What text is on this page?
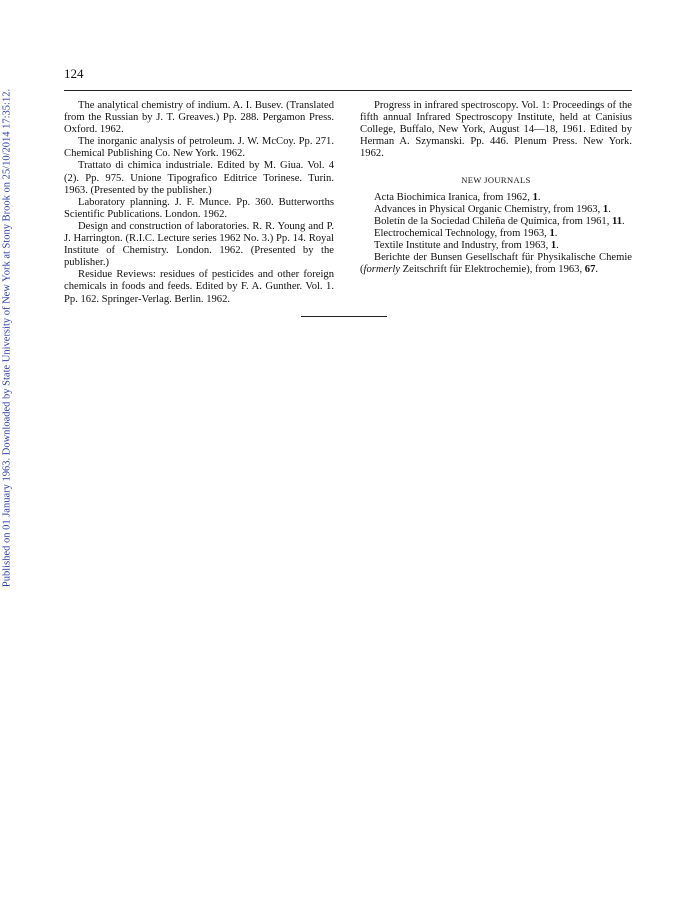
Published on 01 January 1963. Downloaded by State University of New York at Stony Brook on 25/10/2014 17:35:12.
124

The analytical chemistry of indium. A. I. Busev. (Translated from the Russian by J. T. Greaves.) Pp. 288. Pergamon Press. Oxford. 1962.

The inorganic analysis of petroleum. J. W. McCoy. Pp. 271. Chemical Publishing Co. New York. 1962.

Trattato di chimica industriale. Edited by M. Giua. Vol. 4 (2). Pp. 975. Unione Tipografico Editrice Torinese. Turin. 1963. (Presented by the publisher.)

Laboratory planning. J. F. Munce. Pp. 360. Butterworths Scientific Publications. London. 1962.

Design and construction of laboratories. R. R. Young and P. J. Harrington. (R.I.C. Lecture series 1962 No. 3.) Pp. 14. Royal Institute of Chemistry. London. 1962. (Presented by the publisher.)

Residue Reviews: residues of pesticides and other foreign chemicals in foods and feeds. Edited by F. A. Gunther. Vol. 1. Pp. 162. Springer-Verlag. Berlin. 1962.

Progress in infrared spectroscopy. Vol. 1: Proceedings of the fifth annual Infrared Spectroscopy Institute, held at Canisius College, Buffalo, New York, August 14—18, 1961. Edited by Herman A. Szymanski. Pp. 446. Plenum Press. New York. 1962.

NEW JOURNALS

Acta Biochimica Iranica, from 1962, 1.

Advances in Physical Organic Chemistry, from 1963, 1.

Boletín de la Sociedad Chileña de Química, from 1961, 11.

Electrochemical Technology, from 1963, 1.

Textile Institute and Industry, from 1963, 1.

Berichte der Bunsen Gesellschaft für Physikalische Chemie (formerly Zeitschrift für Elektrochemie), from 1963, 67.
